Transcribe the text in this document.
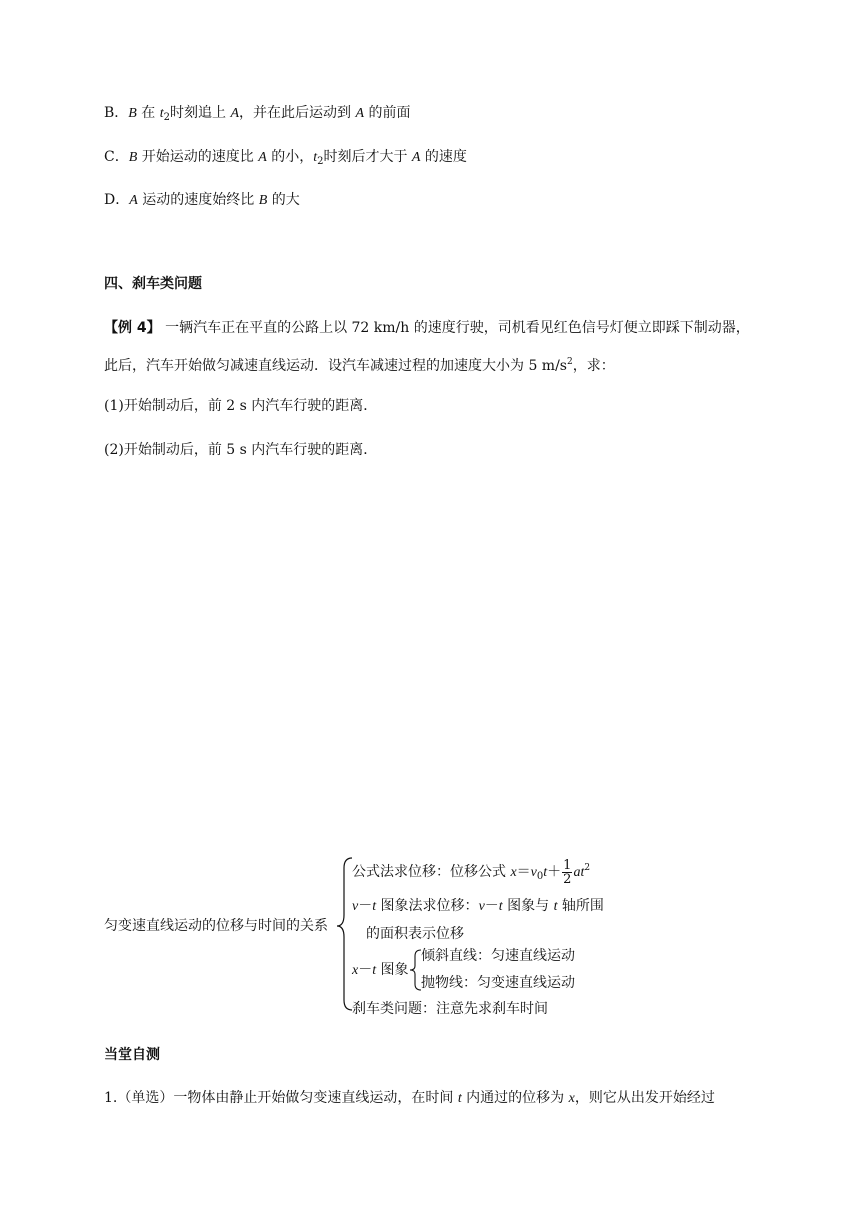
B．B 在 $t_2$时刻追上 A，并在此后运动到 A 的前面
C．B 开始运动的速度比 A 的小，$t_2$时刻后才大于 A 的速度
D．A 运动的速度始终比 B 的大
四、刹车类问题
【例 4】 一辆汽车正在平直的公路上以 72 km/h 的速度行驶，司机看见红色信号灯便立即踩下制动器，
此后，汽车开始做匀减速直线运动．设汽车减速过程的加速度大小为 5 $m/s^2$，求：
(1)开始制动后，前 2 s 内汽车行驶的距离．
(2)开始制动后，前 5 s 内汽车行驶的距离．
匀变速直线运动的位移与时间的关系
公式法求位移：位移公式 $x=v_0t+ \frac{1}{2} at^2$
v－t 图象法求位移：v－t 图象与 t 轴所围
的面积表示位移
x－t 图象
倾斜直线：匀速直线运动
抛物线：匀变速直线运动
刹车类问题：注意先求刹车时间
当堂自测
1.（单选）一物体由静止开始做匀变速直线运动，在时间 t 内通过的位移为 x，则它从出发开始经过
